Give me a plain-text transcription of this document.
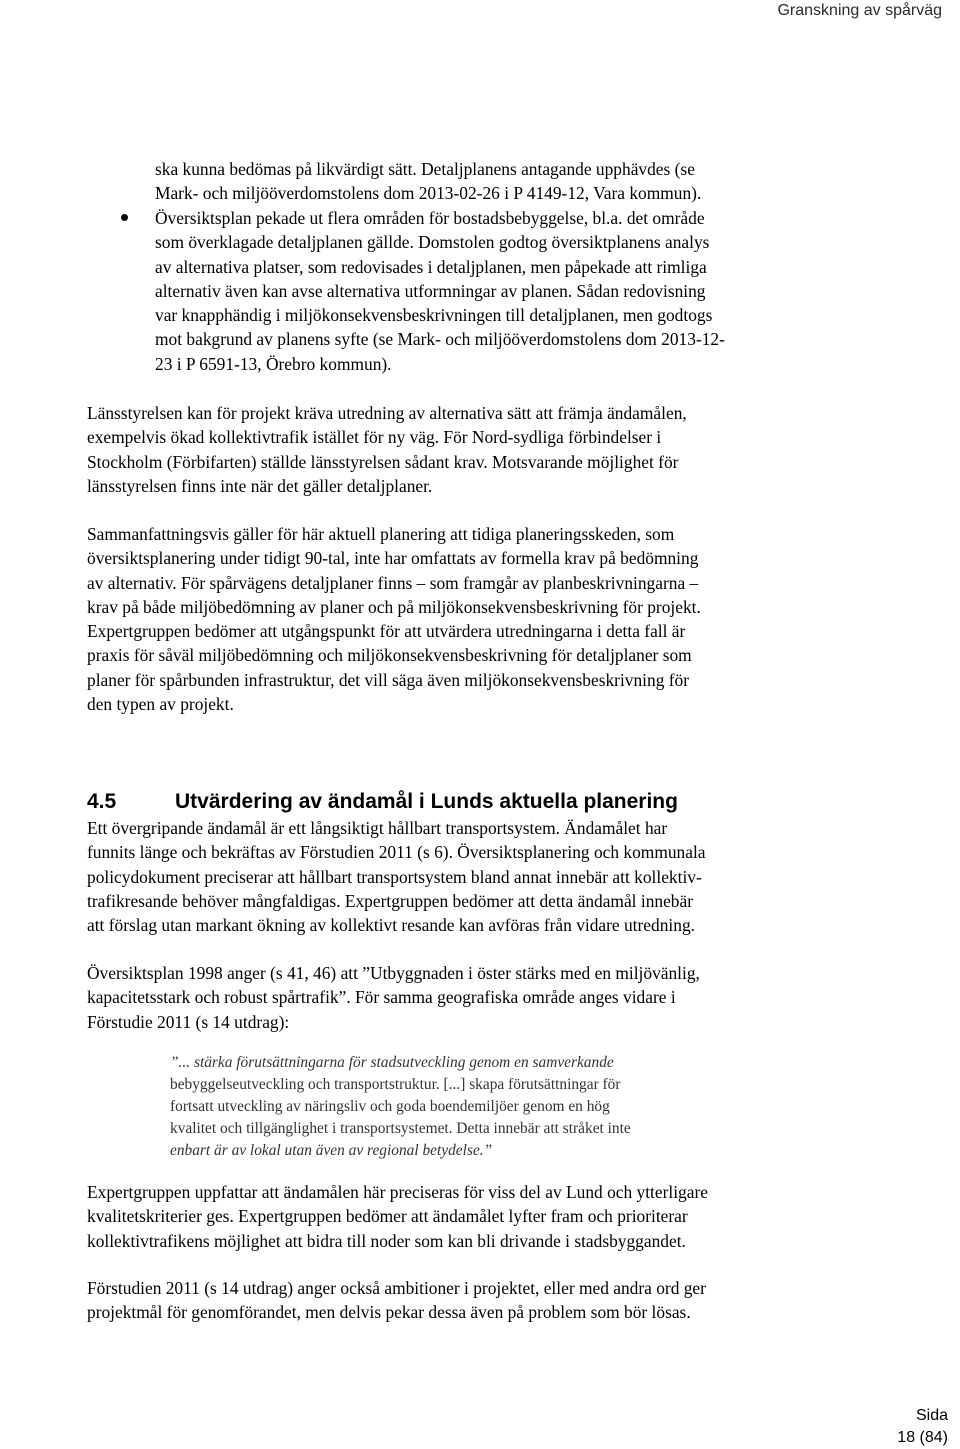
Granskning av spårväg
ska kunna bedömas på likvärdigt sätt. Detaljplanens antagande upphävdes (se
Mark- och miljööverdomstolens dom 2013-02-26 i P 4149-12, Vara kommun).
Översiktsplan pekade ut flera områden för bostadsbebyggelse, bl.a. det område
som överklagade detaljplanen gällde. Domstolen godtog översiktplanens analys
av alternativa platser, som redovisades i detaljplanen, men påpekade att rimliga
alternativ även kan avse alternativa utformningar av planen. Sådan redovisning
var knapphändig i miljökonsekvensbeskrivningen till detaljplanen, men godtogs
mot bakgrund av planens syfte (se Mark- och miljööverdomstolens dom 2013-12-
23 i P 6591-13, Örebro kommun).
Länsstyrelsen kan för projekt kräva utredning av alternativa sätt att främja ändamålen,
exempelvis ökad kollektivtrafik istället för ny väg. För Nord-sydliga förbindelser i
Stockholm (Förbifarten) ställde länsstyrelsen sådant krav. Motsvarande möjlighet för
länsstyrelsen finns inte när det gäller detaljplaner.
Sammanfattningsvis gäller för här aktuell planering att tidiga planeringsskeden, som
översiktsplanering under tidigt 90-tal, inte har omfattats av formella krav på bedömning
av alternativ. För spårvägens detaljplaner finns – som framgår av planbeskrivningarna –
krav på både miljöbedömning av planer och på miljökonsekvensbeskrivning för projekt.
Expertgruppen bedömer att utgångspunkt för att utvärdera utredningarna i detta fall är
praxis för såväl miljöbedömning och miljökonsekvensbeskrivning för detaljplaner som
planer för spårbunden infrastruktur, det vill säga även miljökonsekvensbeskrivning för
den typen av projekt.
4.5	Utvärdering av ändamål i Lunds aktuella planering
Ett övergripande ändamål är ett långsiktigt hållbart transportsystem. Ändamålet har
funnits länge och bekräftas av Förstudien 2011 (s 6). Översiktsplanering och kommunala
policydokument preciserar att hållbart transportsystem bland annat innebär att kollektiv-
trafikresande behöver mångfaldigas. Expertgruppen bedömer att detta ändamål innebär
att förslag utan markant ökning av kollektivt resande kan avföras från vidare utredning.
Översiktsplan 1998 anger (s 41, 46) att ”Utbyggnaden i öster stärks med en miljövänlig,
kapacitetsstark och robust spårtrafik”. För samma geografiska område anges vidare i
Förstudie 2011 (s 14 utdrag):
”... stärka förutsättningarna för stadsutveckling genom en samverkande
bebyggelseutveckling och transportstruktur. [...] skapa förutsättningar för
fortsatt utveckling av näringsliv och goda boendemiljöer genom en hög
kvalitet och tillgänglighet i transportsystemet. Detta innebär att stråket inte
enbart är av lokal utan även av regional betydelse.”
Expertgruppen uppfattar att ändamålen här preciseras för viss del av Lund och ytterligare
kvalitetskriterier ges. Expertgruppen bedömer att ändamålet lyfter fram och prioriterar
kollektivtrafikens möjlighet att bidra till noder som kan bli drivande i stadsbyggandet.
Förstudien 2011 (s 14 utdrag) anger också ambitioner i projektet, eller med andra ord ger
projektmål för genomförandet, men delvis pekar dessa även på problem som bör lösas.
Sida
18 (84)
